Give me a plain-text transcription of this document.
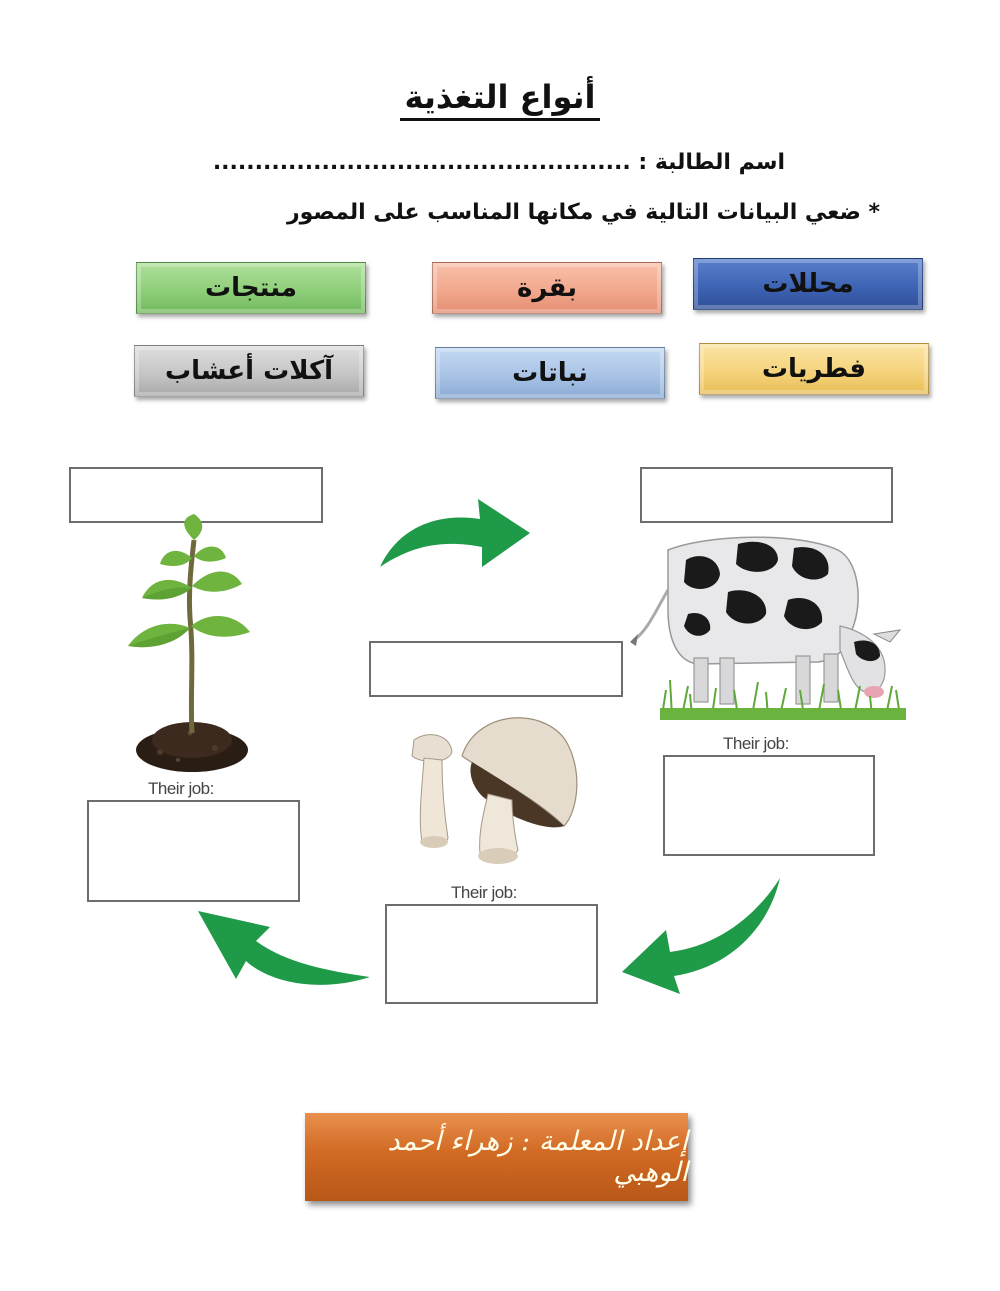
أنواع التغذية
اسم الطالبة : ..................................................
* ضعي البيانات التالية في مكانها المناسب على المصور
محللات
بقرة
منتجات
فطريات
نباتات
آكلات أعشاب
Their job:
Their job:
Their job:
إعداد المعلمة : زهراء أحمد الوهبي
